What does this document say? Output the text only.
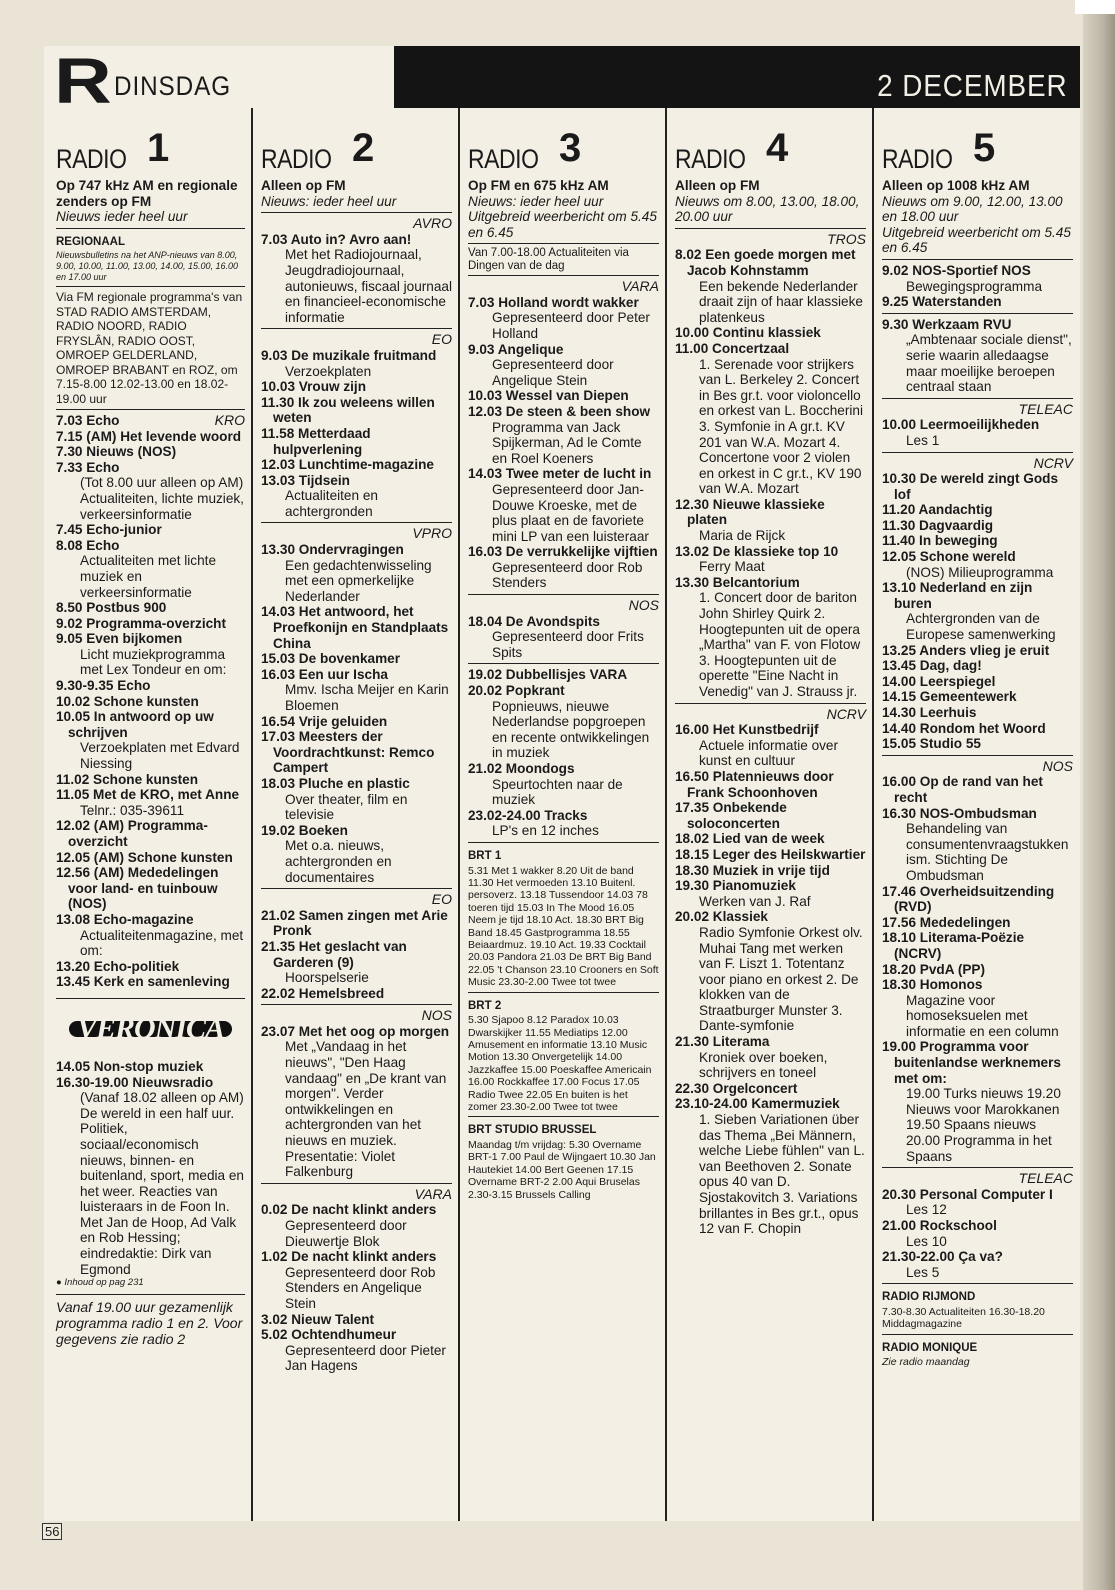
R DINSDAG	2 DECEMBER
RADIO 1
Op 747 kHz AM en regionale zenders op FM
Nieuws ieder heel uur
REGIONAAL
Nieuwsbulletins na het ANP-nieuws van 8.00, 9.00, 10.00, 11.00, 13.00, 14.00, 15.00, 16.00 en 17.00 uur
Via FM regionale programma's van STAD RADIO AMSTERDAM, RADIO NOORD, RADIO FRYSLÂN, RADIO OOST, OMROEP GELDERLAND, OMROEP BRABANT en ROZ, om 7.15-8.00 12.02-13.00 en 18.02-19.00 uur
KRO
7.03 Echo
7.15 (AM) Het levende woord
7.30 Nieuws (NOS)
7.33 Echo
(Tot 8.00 uur alleen op AM) Actualiteiten, lichte muziek, verkeersinformatie
7.45 Echo-junior
8.08 Echo
Actualiteiten met lichte muziek en verkeersinformatie
8.50 Postbus 900
9.02 Programma-overzicht
9.05 Even bijkomen
Licht muziekprogramma met Lex Tondeur en om:
9.30-9.35 Echo
10.02 Schone kunsten
10.05 In antwoord op uw schrijven
Verzoekplaten met Edvard Niessing
11.02 Schone kunsten
11.05 Met de KRO, met Anne
Telnr.: 035-39611
12.02 (AM) Programma-overzicht
12.05 (AM) Schone kunsten
12.56 (AM) Mededelingen voor land- en tuinbouw (NOS)
13.08 Echo-magazine
Actualiteitenmagazine, met om:
13.20 Echo-politiek
13.45 Kerk en samenleving
VERONICA
14.05 Non-stop muziek
16.30-19.00 Nieuwsradio
(Vanaf 18.02 alleen op AM) De wereld in een half uur. Politiek, sociaal/economisch nieuws, binnen- en buitenland, sport, media en het weer. Reacties van luisteraars in de Foon In. Met Jan de Hoop, Ad Valk en Rob Hessing; eindredaktie: Dirk van Egmond
● Inhoud op pag 231
Vanaf 19.00 uur gezamenlijk programma radio 1 en 2. Voor gegevens zie radio 2
RADIO 2
Alleen op FM
Nieuws: ieder heel uur
AVRO
7.03 Auto in? Avro aan!
Met het Radiojournaal, Jeugdradiojournaal, autonieuws, fiscaal journaal en financieel-economische informatie
EO
9.03 De muzikale fruitmand
Verzoekplaten
10.03 Vrouw zijn
11.30 Ik zou weleens willen weten
11.58 Metterdaad hulpverlening
12.03 Lunchtime-magazine
13.03 Tijdsein
Actualiteiten en achtergronden
VPRO
13.30 Ondervragingen
Een gedachtenwisseling met een opmerkelijke Nederlander
14.03 Het antwoord, het Proefkonijn en Standplaats China
15.03 De bovenkamer
16.03 Een uur Ischa
Mmv. Ischa Meijer en Karin Bloemen
16.54 Vrije geluiden
17.03 Meesters der Voordrachtkunst: Remco Campert
18.03 Pluche en plastic
Over theater, film en televisie
19.02 Boeken
Met o.a. nieuws, achtergronden en documentaires
EO
21.02 Samen zingen met Arie Pronk
21.35 Het geslacht van Garderen (9)
Hoorspelserie
22.02 Hemelsbreed
NOS
23.07 Met het oog op morgen
Met „Vandaag in het nieuws", "Den Haag vandaag" en „De krant van morgen". Verder ontwikkelingen en achtergronden van het nieuws en muziek. Presentatie: Violet Falkenburg
VARA
0.02 De nacht klinkt anders
Gepresenteerd door Dieuwertje Blok
1.02 De nacht klinkt anders
Gepresenteerd door Rob Stenders en Angelique Stein
3.02 Nieuw Talent
5.02 Ochtendhumeur
Gepresenteerd door Pieter Jan Hagens
RADIO 3
Op FM en 675 kHz AM
Nieuws: ieder heel uur
Uitgebreid weerbericht om 5.45 en 6.45
Van 7.00-18.00 Actualiteiten via Dingen van de dag
VARA
7.03 Holland wordt wakker
Gepresenteerd door Peter Holland
9.03 Angelique
Gepresenteerd door Angelique Stein
10.03 Wessel van Diepen
12.03 De steen & been show
Programma van Jack Spijkerman, Ad le Comte en Roel Koeners
14.03 Twee meter de lucht in
Gepresenteerd door Jan-Douwe Kroeske, met de plus plaat en de favoriete mini LP van een luisteraar
16.03 De verrukkelijke vijftien
Gepresenteerd door Rob Stenders
NOS
18.04 De Avondspits
Gepresenteerd door Frits Spits
19.02 Dubbellisjes VARA
20.02 Popkrant
Popnieuws, nieuwe Nederlandse popgroepen en recente ontwikkelingen in muziek
21.02 Moondogs
Speurtochten naar de muziek
23.02-24.00 Tracks
LP's en 12 inches
BRT 1
5.31 Met 1 wakker 8.20 Uit de band 11.30 Het vermoeden 13.10 Buitenl. persoverz. 13.18 Tussendoor 14.03 78 toeren tijd 15.03 In The Mood 16.05 Neem je tijd 18.10 Act. 18.30 BRT Big Band 18.45 Gastprogramma 18.55 Beiaardmuz. 19.10 Act. 19.33 Cocktail 20.03 Pandora 21.03 De BRT Big Band 22.05 't Chanson 23.10 Crooners en Soft Music 23.30-2.00 Twee tot twee
BRT 2
5.30 Sjapoo 8.12 Paradox 10.03 Dwarskijker 11.55 Mediatips 12.00 Amusement en informatie 13.10 Music Motion 13.30 Onvergetelijk 14.00 Jazzkaffee 15.00 Poeskaffee Americain 16.00 Rockkaffee 17.00 Focus 17.05 Radio Twee 22.05 En buiten is het zomer 23.30-2.00 Twee tot twee
BRT STUDIO BRUSSEL
Maandag t/m vrijdag: 5.30 Overname BRT-1 7.00 Paul de Wijngaert 10.30 Jan Hautekiet 14.00 Bert Geenen 17.15 Overname BRT-2 2.00 Aqui Bruselas 2.30-3.15 Brussels Calling
RADIO 4
Alleen op FM
Nieuws om 8.00, 13.00, 18.00, 20.00 uur
TROS
8.02 Een goede morgen met Jacob Kohnstamm
Een bekende Nederlander draait zijn of haar klassieke platenkeus
10.00 Continu klassiek
11.00 Concertzaal
1. Serenade voor strijkers van L. Berkeley 2. Concert in Bes gr.t. voor violoncello en orkest van L. Boccherini 3. Symfonie in A gr.t. KV 201 van W.A. Mozart 4. Concertone voor 2 violen en orkest in C gr.t., KV 190 van W.A. Mozart
12.30 Nieuwe klassieke platen
Maria de Rijck
13.02 De klassieke top 10
Ferry Maat
13.30 Belcantorium
1. Concert door de bariton John Shirley Quirk 2. Hoogtepunten uit de opera „Martha" van F. von Flotow 3. Hoogtepunten uit de operette "Eine Nacht in Venedig" van J. Strauss jr.
NCRV
16.00 Het Kunstbedrijf
Actuele informatie over kunst en cultuur
16.50 Platennieuws door Frank Schoonhoven
17.35 Onbekende soloconcerten
18.02 Lied van de week
18.15 Leger des Heilskwartier
18.30 Muziek in vrije tijd
19.30 Pianomuziek
Werken van J. Raf
20.02 Klassiek
Radio Symfonie Orkest olv. Muhai Tang met werken van F. Liszt 1. Totentanz voor piano en orkest 2. De klokken van de Straatburger Munster 3. Dante-symfonie
21.30 Literama
Kroniek over boeken, schrijvers en toneel
22.30 Orgelconcert
23.10-24.00 Kamermuziek
1. Sieben Variationen über das Thema „Bei Männern, welche Liebe fühlen" van L. van Beethoven 2. Sonate opus 40 van D. Sjostakovitch 3. Variations brillantes in Bes gr.t., opus 12 van F. Chopin
RADIO 5
Alleen op 1008 kHz AM
Nieuws om 9.00, 12.00, 13.00 en 18.00 uur
Uitgebreid weerbericht om 5.45 en 6.45
9.02 NOS-Sportief NOS
Bewegingsprogramma
9.25 Waterstanden
9.30 Werkzaam RVU
„Ambtenaar sociale dienst", serie waarin alledaagse maar moeilijke beroepen centraal staan
TELEAC
10.00 Leermoeilijkheden
Les 1
NCRV
10.30 De wereld zingt Gods lof
11.20 Aandachtig
11.30 Dagvaardig
11.40 In beweging
12.05 Schone wereld
(NOS) Milieuprogramma
13.10 Nederland en zijn buren
Achtergronden van de Europese samenwerking
13.25 Anders vlieg je eruit
13.45 Dag, dag!
14.00 Leerspiegel
14.15 Gemeentewerk
14.30 Leerhuis
14.40 Rondom het Woord
15.05 Studio 55
NOS
16.00 Op de rand van het recht
16.30 NOS-Ombudsman
Behandeling van consumentenvraagstukken ism. Stichting De Ombudsman
17.46 Overheidsuitzending (RVD)
17.56 Mededelingen
18.10 Literama-Poëzie (NCRV)
18.20 PvdA (PP)
18.30 Homonos
Magazine voor homoseksuelen met informatie en een column
19.00 Programma voor buitenlandse werknemers met om:
19.00 Turks nieuws 19.20 Nieuws voor Marokkanen 19.50 Spaans nieuws 20.00 Programma in het Spaans
TELEAC
20.30 Personal Computer I
Les 12
21.00 Rockschool
Les 10
21.30-22.00 Ça va?
Les 5
RADIO RIJMOND
7.30-8.30 Actualiteiten 16.30-18.20 Middagmagazine
RADIO MONIQUE
Zie radio maandag
56
